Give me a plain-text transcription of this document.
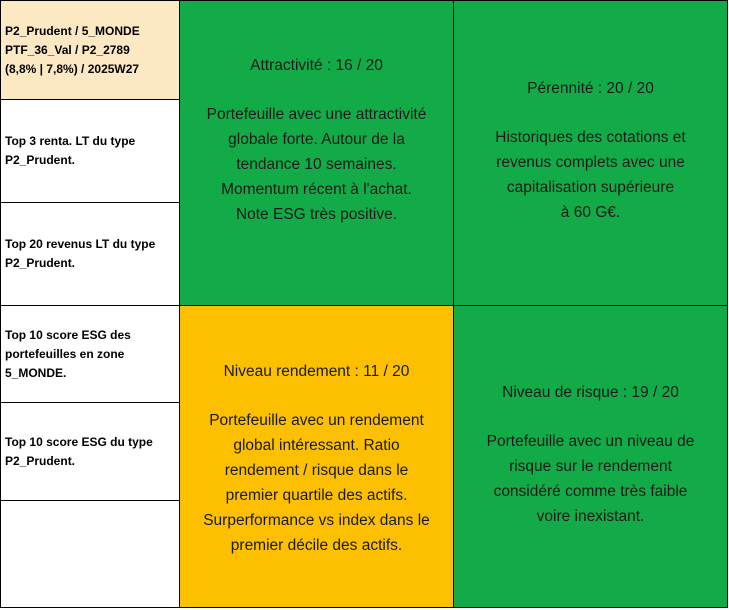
P2_Prudent / 5_MONDE
PTF_36_Val / P2_2789
(8,8% | 7,8%) / 2025W27
Top 3 renta. LT du type P2_Prudent.
Top 20 revenus LT du type P2_Prudent.
Top 10 score ESG des portefeuilles en zone 5_MONDE.
Top 10 score ESG du type P2_Prudent.
Attractivité : 16 / 20
Portefeuille avec une attractivité
globale forte. Autour de la
tendance 10 semaines.
Momentum récent à l'achat.
Note ESG très positive.
Pérennité : 20 / 20
Historiques des cotations et
revenus complets avec une
capitalisation supérieure
à 60 G€.
Niveau rendement : 11 / 20
Portefeuille avec un rendement
global intéressant. Ratio
rendement / risque dans le
premier quartile des actifs.
Surperformance vs index dans le
premier décile des actifs.
Niveau de risque : 19 / 20
Portefeuille avec un niveau de
risque sur le rendement
considéré comme très faible
voire inexistant.
